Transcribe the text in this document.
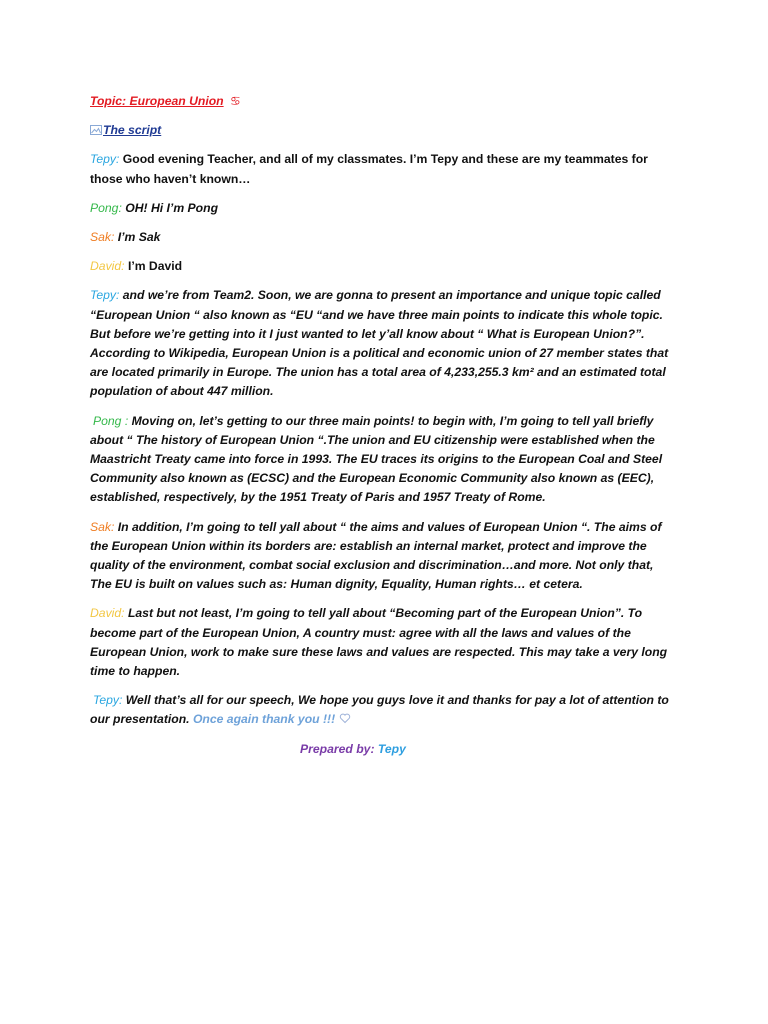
Topic: European Union ♋

The script

Tepy: Good evening Teacher, and all of my classmates. I’m Tepy and these are my teammates for
those who haven’t known…

Pong: OH! Hi I’m Pong

Sak: I’m Sak

David: I’m David

Tepy: and we’re from Team2. Soon, we are gonna to present an importance and unique topic called “European Union “ also known as “EU “and we have three main points to indicate this whole topic. But before we’re getting into it I just wanted to let y’all know about “ What is European Union?”. According to Wikipedia, European Union is a political and economic union of 27 member states that are located primarily in Europe. The union has a total area of 4,233,255.3 km² and an estimated total population of about 447 million.

Pong : Moving on, let’s getting to our three main points! to begin with, I’m going to tell yall briefly about “ The history of European Union “.The union and EU citizenship were established when the Maastricht Treaty came into force in 1993. The EU traces its origins to the European Coal and Steel Community also known as (ECSC) and the European Economic Community also known as (EEC), established, respectively, by the 1951 Treaty of Paris and 1957 Treaty of Rome.

Sak: In addition, I’m going to tell yall about “ the aims and values of European Union “. The aims of the European Union within its borders are: establish an internal market, protect and improve the quality of the environment, combat social exclusion and discrimination…and more. Not only that, The EU is built on values such as: Human dignity, Equality, Human rights… et cetera.

David: Last but not least, I’m going to tell yall about “Becoming part of the European Union”. To become part of the European Union, A country must: agree with all the laws and values of the European Union, work to make sure these laws and values are respected. This may take a very long time to happen.

Tepy: Well that’s all for our speech, We hope you guys love it and thanks for pay a lot of attention to our presentation. Once again thank you !!!

Prepared by: Tepy
